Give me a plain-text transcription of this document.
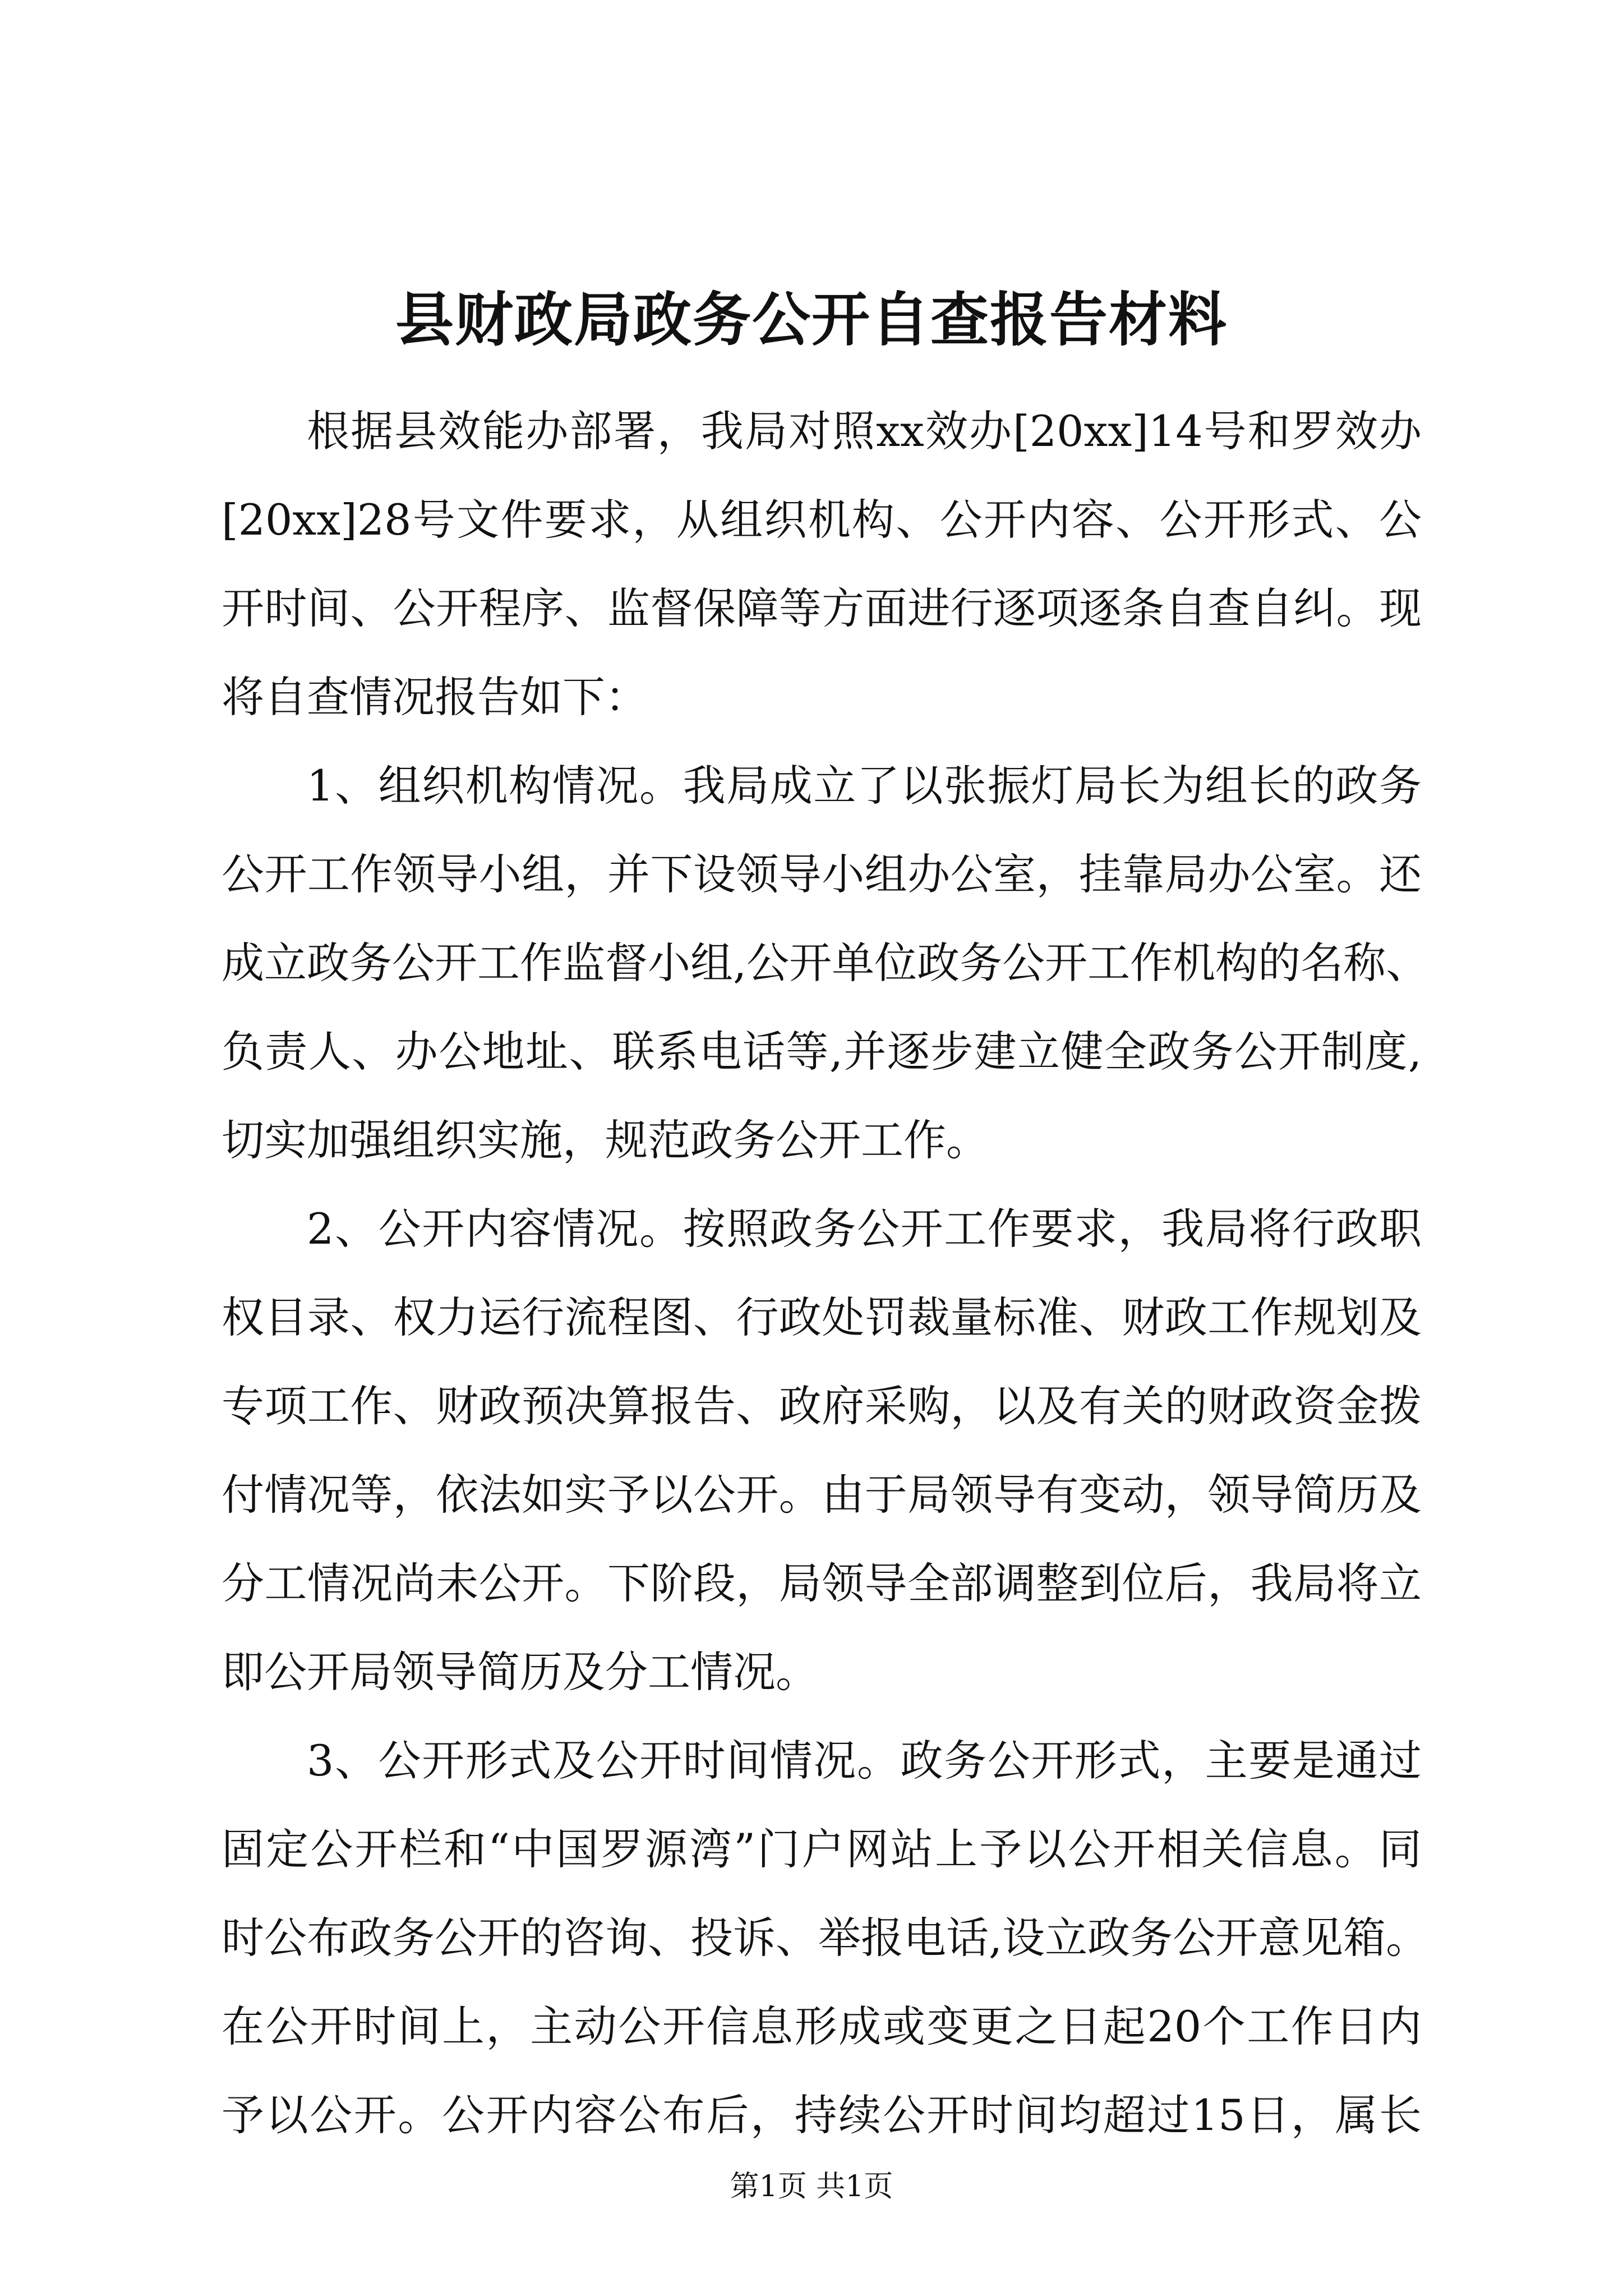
县财政局政务公开自查报告材料
根据县效能办部署，我局对照xx效办[20xx]14号和罗效办
[20xx]28号文件要求，从组织机构、公开内容、公开形式、公
开时间、公开程序、监督保障等方面进行逐项逐条自查自纠。现
将自查情况报告如下：
1、组织机构情况。我局成立了以张振灯局长为组长的政务
公开工作领导小组，并下设领导小组办公室，挂靠局办公室。还
成立政务公开工作监督小组,公开单位政务公开工作机构的名称、
负责人、办公地址、联系电话等,并逐步建立健全政务公开制度,
切实加强组织实施，规范政务公开工作。
2、公开内容情况。按照政务公开工作要求，我局将行政职
权目录、权力运行流程图、行政处罚裁量标准、财政工作规划及
专项工作、财政预决算报告、政府采购，以及有关的财政资金拨
付情况等，依法如实予以公开。由于局领导有变动，领导简历及
分工情况尚未公开。下阶段，局领导全部调整到位后，我局将立
即公开局领导简历及分工情况。
3、公开形式及公开时间情况。政务公开形式，主要是通过
固定公开栏和“中国罗源湾”门户网站上予以公开相关信息。同
时公布政务公开的咨询、投诉、举报电话,设立政务公开意见箱。
在公开时间上，主动公开信息形成或变更之日起20个工作日内
予以公开。公开内容公布后，持续公开时间均超过15日，属长
第1页 共1页
